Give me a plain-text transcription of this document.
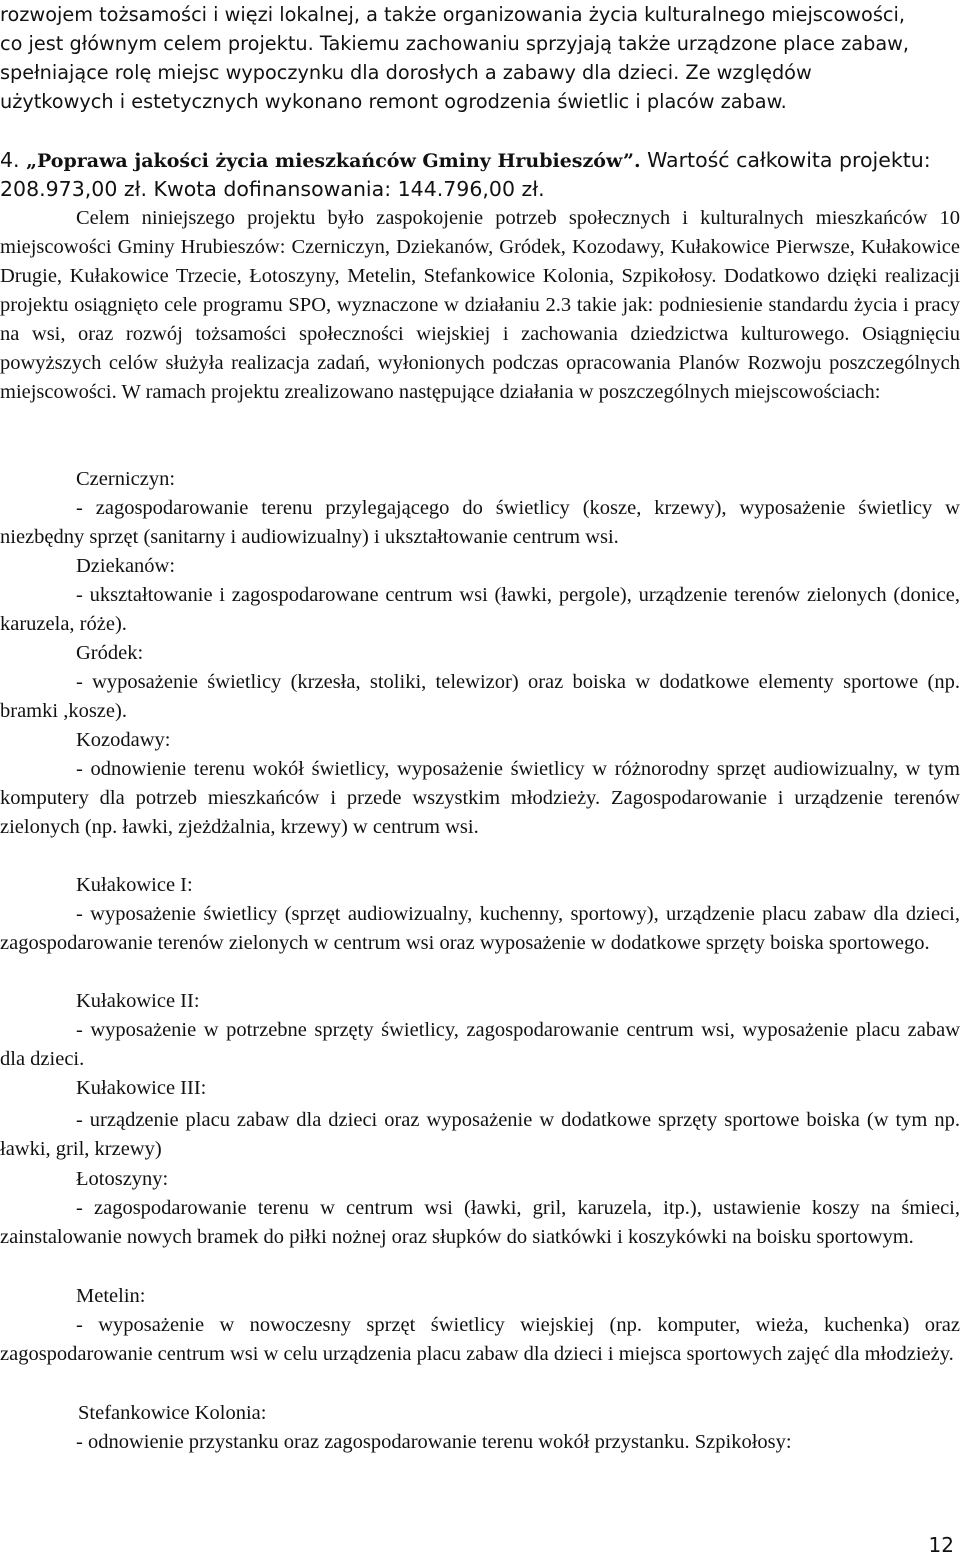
rozwojem tożsamości i więzi lokalnej, a także organizowania życia kulturalnego miejscowości,
co jest głównym celem projektu. Takiemu zachowaniu sprzyjają także urządzone place zabaw,
spełniające rolę miejsc wypoczynku dla dorosłych a zabawy dla dzieci. Ze względów
użytkowych i estetycznych wykonano remont ogrodzenia świetlic i placów zabaw.
4. „Poprawa jakości życia mieszkańców Gminy Hrubieszów”. Wartość całkowita projektu:
208.973,00 zł. Kwota dofinansowania: 144.796,00 zł.

Celem niniejszego projektu było zaspokojenie potrzeb społecznych i kulturalnych mieszkańców 10 miejscowości Gminy Hrubieszów: Czerniczyn, Dziekanów, Gródek, Kozodawy, Kułakowice Pierwsze, Kułakowice Drugie, Kułakowice Trzecie, Łotoszyny, Metelin, Stefankowice Kolonia, Szpikołosy. Dodatkowo dzięki realizacji projektu osiągnięto cele programu SPO, wyznaczone w działaniu 2.3 takie jak: podniesienie standardu życia i pracy na wsi, oraz rozwój tożsamości społeczności wiejskiej i zachowania dziedzictwa kulturowego. Osiągnięciu powyższych celów służyła realizacja zadań, wyłonionych podczas opracowania Planów Rozwoju poszczególnych miejscowości. W ramach projektu zrealizowano następujące działania w poszczególnych miejscowościach:

Czerniczyn:

- zagospodarowanie terenu przylegającego do świetlicy (kosze, krzewy), wyposażenie świetlicy w niezbędny sprzęt (sanitarny i audiowizualny) i ukształtowanie centrum wsi.

Dziekanów:

- ukształtowanie i zagospodarowane centrum wsi (ławki, pergole), urządzenie terenów zielonych (donice, karuzela, róże).

Gródek:

- wyposażenie świetlicy (krzesła, stoliki, telewizor) oraz boiska w dodatkowe elementy sportowe (np. bramki ,kosze).

Kozodawy:

- odnowienie terenu wokół świetlicy, wyposażenie świetlicy w różnorodny sprzęt audiowizualny, w tym komputery dla potrzeb mieszkańców i przede wszystkim młodzieży. Zagospodarowanie i urządzenie terenów zielonych (np. ławki, zjeżdżalnia, krzewy) w centrum wsi.

Kułakowice I:

- wyposażenie świetlicy (sprzęt audiowizualny, kuchenny, sportowy), urządzenie placu zabaw dla dzieci, zagospodarowanie terenów zielonych w centrum wsi oraz wyposażenie w dodatkowe sprzęty boiska sportowego.

Kułakowice II:

- wyposażenie w potrzebne sprzęty świetlicy, zagospodarowanie centrum wsi, wyposażenie placu zabaw dla dzieci.

Kułakowice III:

- urządzenie placu zabaw dla dzieci oraz wyposażenie w dodatkowe sprzęty sportowe boiska (w tym np. ławki, gril, krzewy)

Łotoszyny:

- zagospodarowanie terenu w centrum wsi (ławki, gril, karuzela, itp.), ustawienie koszy na śmieci, zainstalowanie nowych bramek do piłki nożnej oraz słupków do siatkówki i koszykówki na boisku sportowym.

Metelin:

- wyposażenie w nowoczesny sprzęt świetlicy wiejskiej (np. komputer, wieża, kuchenka) oraz zagospodarowanie centrum wsi w celu urządzenia placu zabaw dla dzieci i miejsca sportowych zajęć dla młodzieży.

Stefankowice Kolonia:

- odnowienie przystanku oraz zagospodarowanie terenu wokół przystanku. Szpikołosy:

12
